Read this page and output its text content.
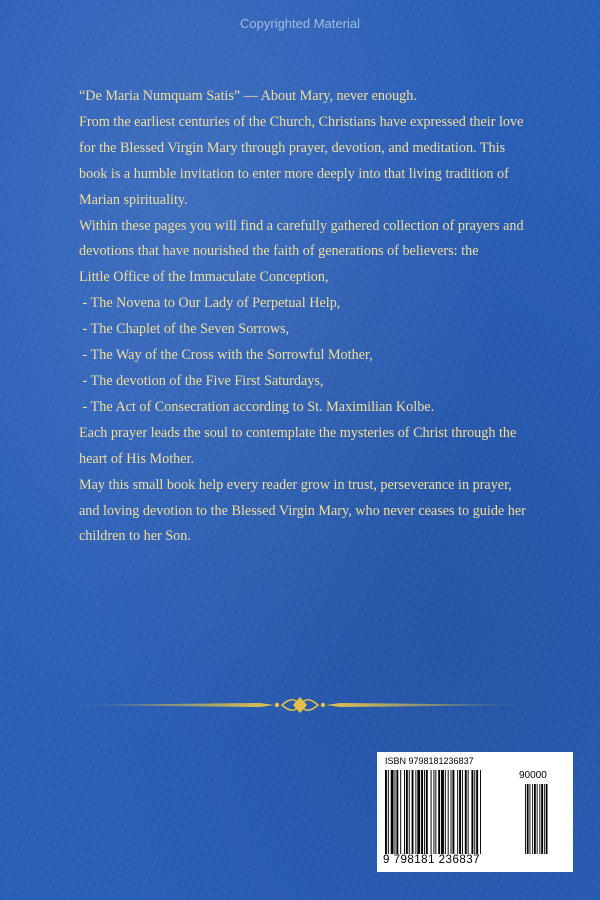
Copyrighted Material

“De Maria Numquam Satis” — About Mary, never enough.

From the earliest centuries of the Church, Christians have expressed their love for the Blessed Virgin Mary through prayer, devotion, and meditation. This book is a humble invitation to enter more deeply into that living tradition of Marian spirituality.

Within these pages you will find a carefully gathered collection of prayers and devotions that have nourished the faith of generations of believers: the

Little Office of the Immaculate Conception,
- The Novena to Our Lady of Perpetual Help,
- The Chaplet of the Seven Sorrows,
- The Way of the Cross with the Sorrowful Mother,
- The devotion of the Five First Saturdays,
- The Act of Consecration according to St. Maximilian Kolbe.

Each prayer leads the soul to contemplate the mysteries of Christ through the heart of His Mother.

May this small book help every reader grow in trust, perseverance in prayer, and loving devotion to the Blessed Virgin Mary, who never ceases to guide her children to her Son.

ISBN 9798181236837
90000
9 798181 236837
